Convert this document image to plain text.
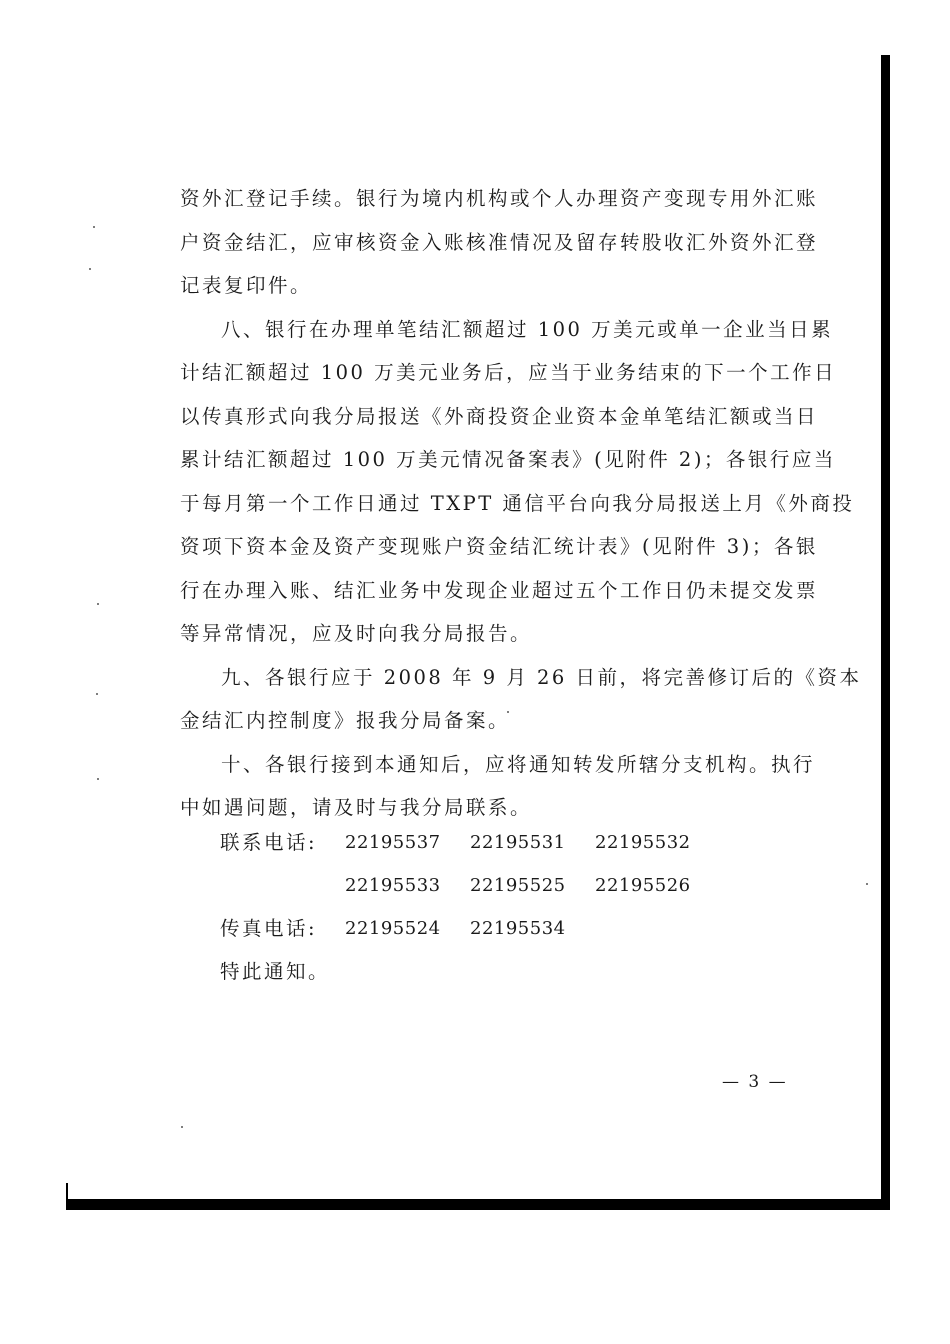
资外汇登记手续。银行为境内机构或个人办理资产变现专用外汇账
户资金结汇，应审核资金入账核准情况及留存转股收汇外资外汇登
记表复印件。
八、银行在办理单笔结汇额超过 100 万美元或单一企业当日累
计结汇额超过 100 万美元业务后，应当于业务结束的下一个工作日
以传真形式向我分局报送《外商投资企业资本金单笔结汇额或当日
累计结汇额超过 100 万美元情况备案表》(见附件 2)；各银行应当
于每月第一个工作日通过 TXPT 通信平台向我分局报送上月《外商投
资项下资本金及资产变现账户资金结汇统计表》(见附件 3)；各银
行在办理入账、结汇业务中发现企业超过五个工作日仍未提交发票
等异常情况，应及时向我分局报告。
九、各银行应于 2008 年 9 月 26 日前，将完善修订后的《资本
金结汇内控制度》报我分局备案。
十、各银行接到本通知后，应将通知转发所辖分支机构。执行
中如遇问题，请及时与我分局联系。
联系电话: 22195537 22195531 22195532
22195533 22195525 22195526
传真电话: 22195524 22195534
特此通知。
— 3 —
